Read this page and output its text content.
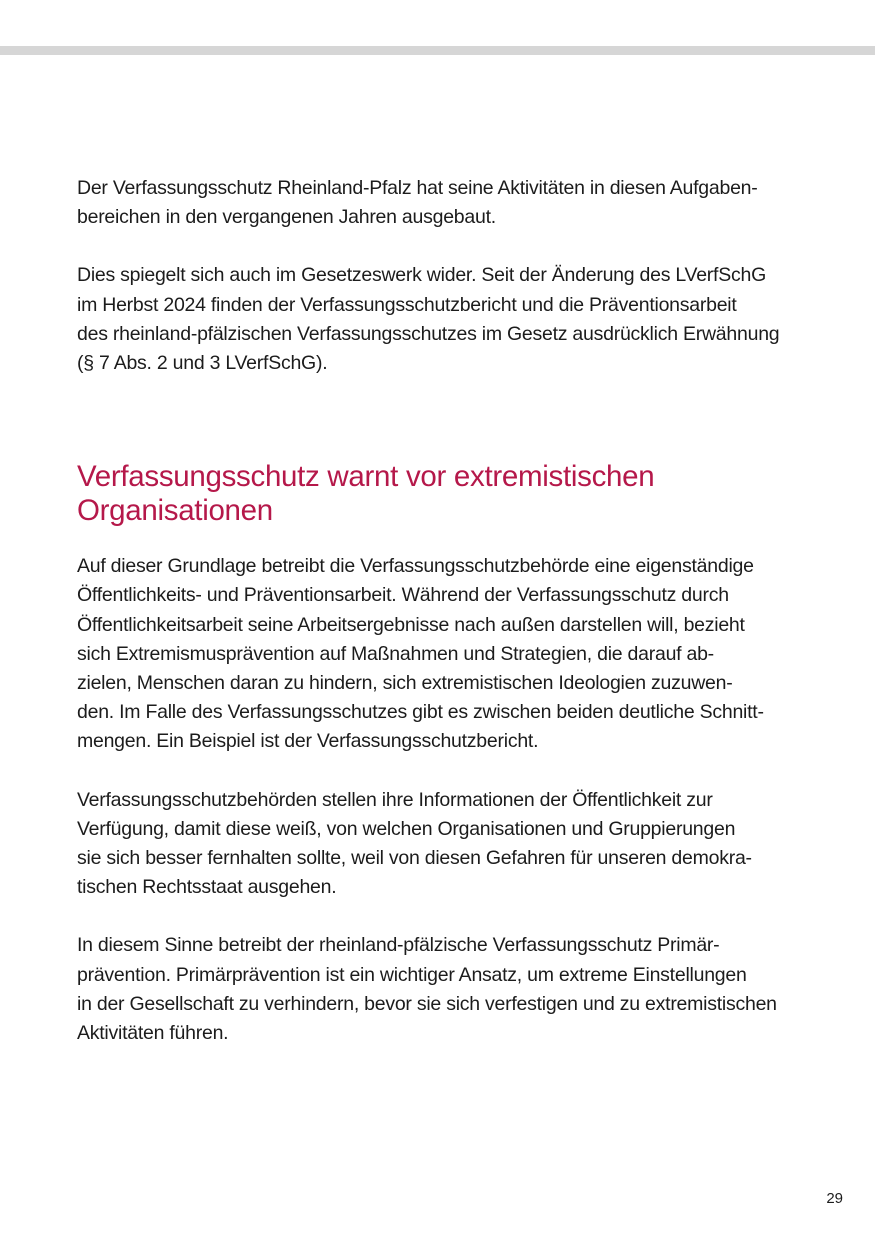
Der Verfassungsschutz Rheinland-Pfalz hat seine Aktivitäten in diesen Aufgaben-
bereichen in den vergangenen Jahren ausgebaut.

Dies spiegelt sich auch im Gesetzeswerk wider. Seit der Änderung des LVerfSchG
im Herbst 2024 finden der Verfassungsschutzbericht und die Präventionsarbeit
des rheinland-pfälzischen Verfassungsschutzes im Gesetz ausdrücklich Erwähnung
(§ 7 Abs. 2 und 3 LVerfSchG).

Verfassungsschutz warnt vor extremistischen
Organisationen

Auf dieser Grundlage betreibt die Verfassungsschutzbehörde eine eigenständige
Öffentlichkeits- und Präventionsarbeit. Während der Verfassungsschutz durch
Öffentlichkeitsarbeit seine Arbeitsergebnisse nach außen darstellen will, bezieht
sich Extremismusprävention auf Maßnahmen und Strategien, die darauf ab-
zielen, Menschen daran zu hindern, sich extremistischen Ideologien zuzuwen-
den. Im Falle des Verfassungsschutzes gibt es zwischen beiden deutliche Schnitt-
mengen. Ein Beispiel ist der Verfassungsschutzbericht.

Verfassungsschutzbehörden stellen ihre Informationen der Öffentlichkeit zur
Verfügung, damit diese weiß, von welchen Organisationen und Gruppierungen
sie sich besser fernhalten sollte, weil von diesen Gefahren für unseren demokra-
tischen Rechtsstaat ausgehen.

In diesem Sinne betreibt der rheinland-pfälzische Verfassungsschutz Primär-
prävention. Primärprävention ist ein wichtiger Ansatz, um extreme Einstellungen
in der Gesellschaft zu verhindern, bevor sie sich verfestigen und zu extremistischen
Aktivitäten führen.

29
